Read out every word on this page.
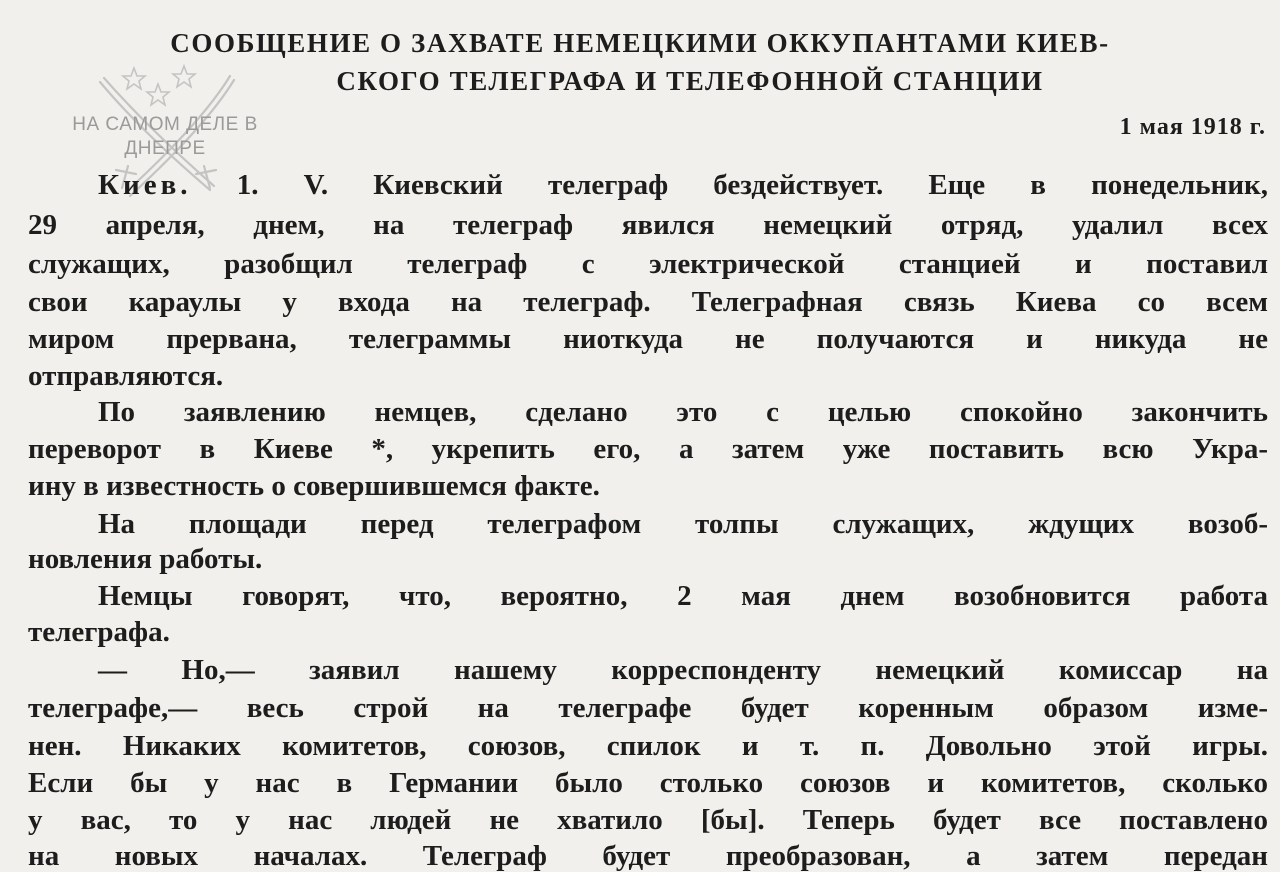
НА САМОМ ДЕЛЕ В
ДНЕПРЕ
СООБЩЕНИЕ О ЗАХВАТЕ НЕМЕЦКИМИ ОККУПАНТАМИ КИЕВ-
СКОГО ТЕЛЕГРАФА И ТЕЛЕФОННОЙ СТАНЦИИ
1 мая 1918 г.
Киев. 1. V. Киевский телеграф бездействует. Еще в понедельник,
29 апреля, днем, на телеграф явился немецкий отряд, удалил всех
служащих, разобщил телеграф с электрической станцией и поставил
свои караулы у входа на телеграф. Телеграфная связь Киева со всем
миром прервана, телеграммы ниоткуда не получаются и никуда не
отправляются.
По заявлению немцев, сделано это с целью спокойно закончить
переворот в Киеве *, укрепить его, а затем уже поставить всю Укра-
ину в известность о совершившемся факте.
На площади перед телеграфом толпы служащих, ждущих возоб-
новления работы.
Немцы говорят, что, вероятно, 2 мая днем возобновится работа
телеграфа.
— Но,— заявил нашему корреспонденту немецкий комиссар на
телеграфе,— весь строй на телеграфе будет коренным образом изме-
нен. Никаких комитетов, союзов, спилок и т. п. Довольно этой игры.
Если бы у нас в Германии было столько союзов и комитетов, сколько
у вас, то у нас людей не хватило [бы]. Теперь будет все поставлено
на новых началах. Телеграф будет преобразован, а затем передан
